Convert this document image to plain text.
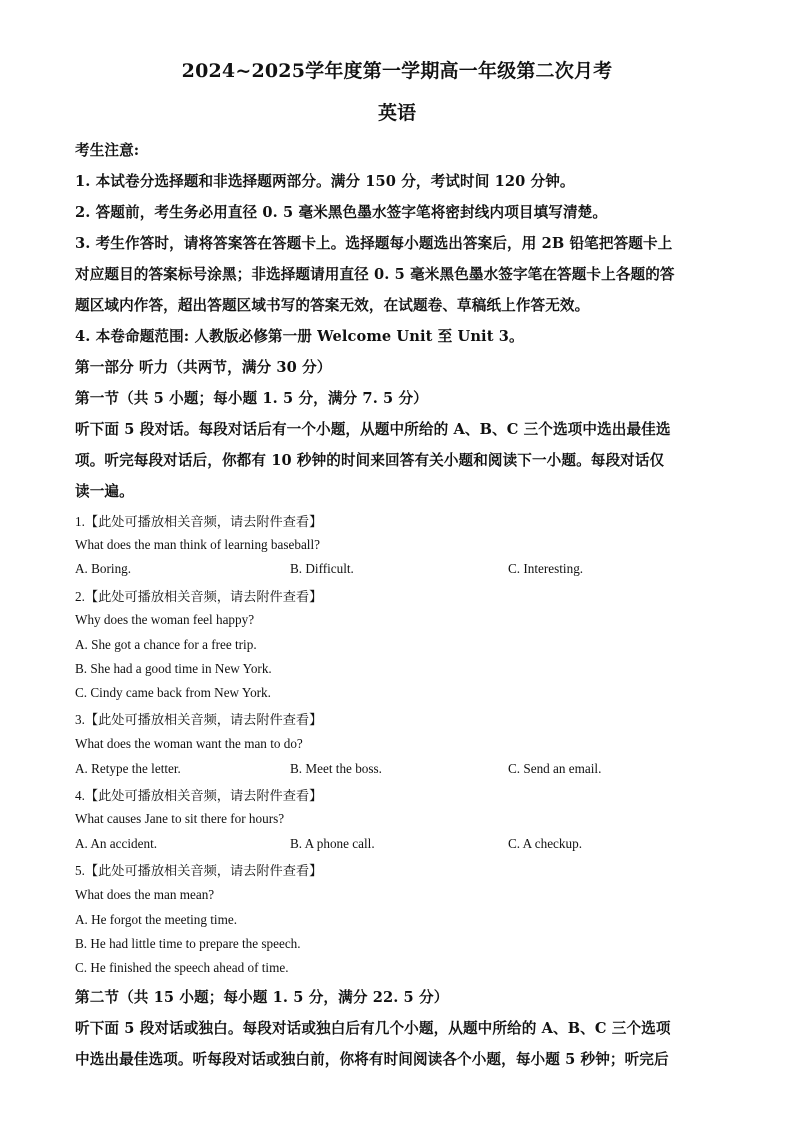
2024~2025学年度第一学期高一年级第二次月考
英语
考生注意:
1. 本试卷分选择题和非选择题两部分。满分 150 分，考试时间 120 分钟。
2. 答题前，考生务必用直径 0. 5 毫米黑色墨水签字笔将密封线内项目填写清楚。
3. 考生作答时，请将答案答在答题卡上。选择题每小题选出答案后，用 2B 铅笔把答题卡上
对应题目的答案标号涂黑；非选择题请用直径 0. 5 毫米黑色墨水签字笔在答题卡上各题的答
题区域内作答，超出答题区域书写的答案无效，在试题卷、草稿纸上作答无效。
4. 本卷命题范围: 人教版必修第一册 Welcome Unit 至 Unit 3。
第一部分 听力（共两节，满分 30 分）
第一节（共 5 小题；每小题 1. 5 分，满分 7. 5 分）
听下面 5 段对话。每段对话后有一个小题，从题中所给的 A、B、C 三个选项中选出最佳选
项。听完每段对话后，你都有 10 秒钟的时间来回答有关小题和阅读下一小题。每段对话仅
读一遍。
1.【此处可播放相关音频，请去附件查看】
What does the man think of learning baseball?
A. Boring.	B. Difficult.	C. Interesting.
2.【此处可播放相关音频，请去附件查看】
Why does the woman feel happy?
A. She got a chance for a free trip.
B. She had a good time in New York.
C. Cindy came back from New York.
3.【此处可播放相关音频，请去附件查看】
What does the woman want the man to do?
A. Retype the letter.	B. Meet the boss.	C. Send an email.
4.【此处可播放相关音频，请去附件查看】
What causes Jane to sit there for hours?
A. An accident.	B. A phone call.	C. A checkup.
5.【此处可播放相关音频，请去附件查看】
What does the man mean?
A. He forgot the meeting time.
B. He had little time to prepare the speech.
C. He finished the speech ahead of time.
第二节（共 15 小题；每小题 1. 5 分，满分 22. 5 分）
听下面 5 段对话或独白。每段对话或独白后有几个小题，从题中所给的 A、B、C 三个选项
中选出最佳选项。听每段对话或独白前，你将有时间阅读各个小题，每小题 5 秒钟；听完后
